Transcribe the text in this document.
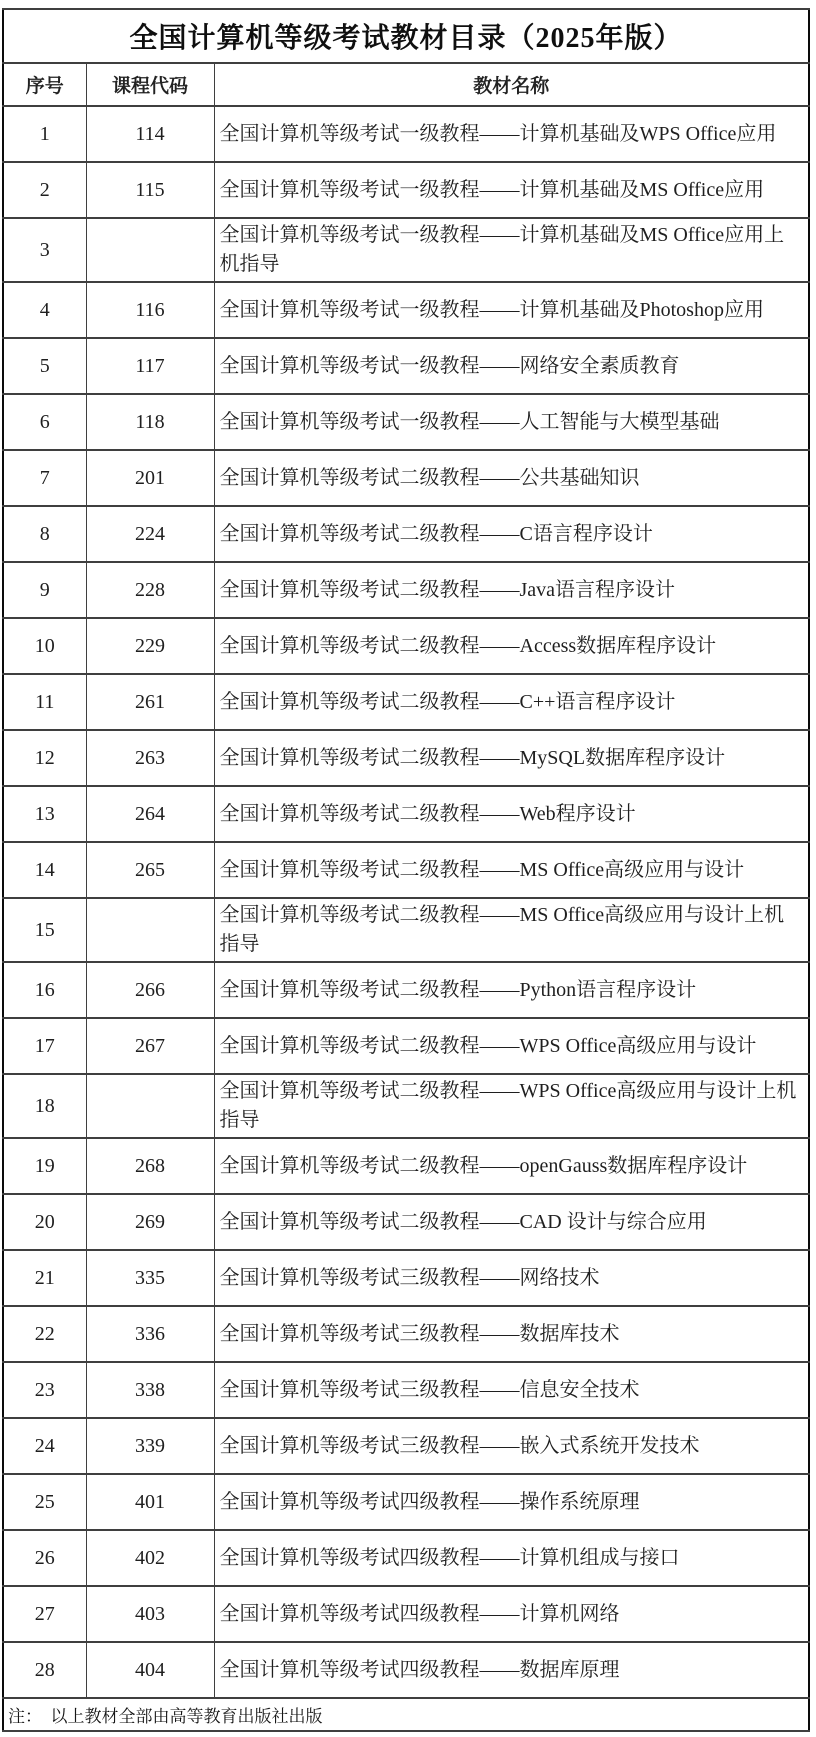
全国计算机等级考试教材目录（2025年版）		
序号	课程代码	教材名称
1	114	全国计算机等级考试一级教程——计算机基础及WPS Office应用
2	115	全国计算机等级考试一级教程——计算机基础及MS Office应用
3		全国计算机等级考试一级教程——计算机基础及MS Office应用上机指导
4	116	全国计算机等级考试一级教程——计算机基础及Photoshop应用
5	117	全国计算机等级考试一级教程——网络安全素质教育
6	118	全国计算机等级考试一级教程——人工智能与大模型基础
7	201	全国计算机等级考试二级教程——公共基础知识
8	224	全国计算机等级考试二级教程——C语言程序设计
9	228	全国计算机等级考试二级教程——Java语言程序设计
10	229	全国计算机等级考试二级教程——Access数据库程序设计
11	261	全国计算机等级考试二级教程——C++语言程序设计
12	263	全国计算机等级考试二级教程——MySQL数据库程序设计
13	264	全国计算机等级考试二级教程——Web程序设计
14	265	全国计算机等级考试二级教程——MS Office高级应用与设计
15		全国计算机等级考试二级教程——MS Office高级应用与设计上机指导
16	266	全国计算机等级考试二级教程——Python语言程序设计
17	267	全国计算机等级考试二级教程——WPS Office高级应用与设计
18		全国计算机等级考试二级教程——WPS Office高级应用与设计上机指导
19	268	全国计算机等级考试二级教程——openGauss数据库程序设计
20	269	全国计算机等级考试二级教程——CAD 设计与综合应用
21	335	全国计算机等级考试三级教程——网络技术
22	336	全国计算机等级考试三级教程——数据库技术
23	338	全国计算机等级考试三级教程——信息安全技术
24	339	全国计算机等级考试三级教程——嵌入式系统开发技术
25	401	全国计算机等级考试四级教程——操作系统原理
26	402	全国计算机等级考试四级教程——计算机组成与接口
27	403	全国计算机等级考试四级教程——计算机网络
28	404	全国计算机等级考试四级教程——数据库原理
注：  以上教材全部由高等教育出版社出版		
